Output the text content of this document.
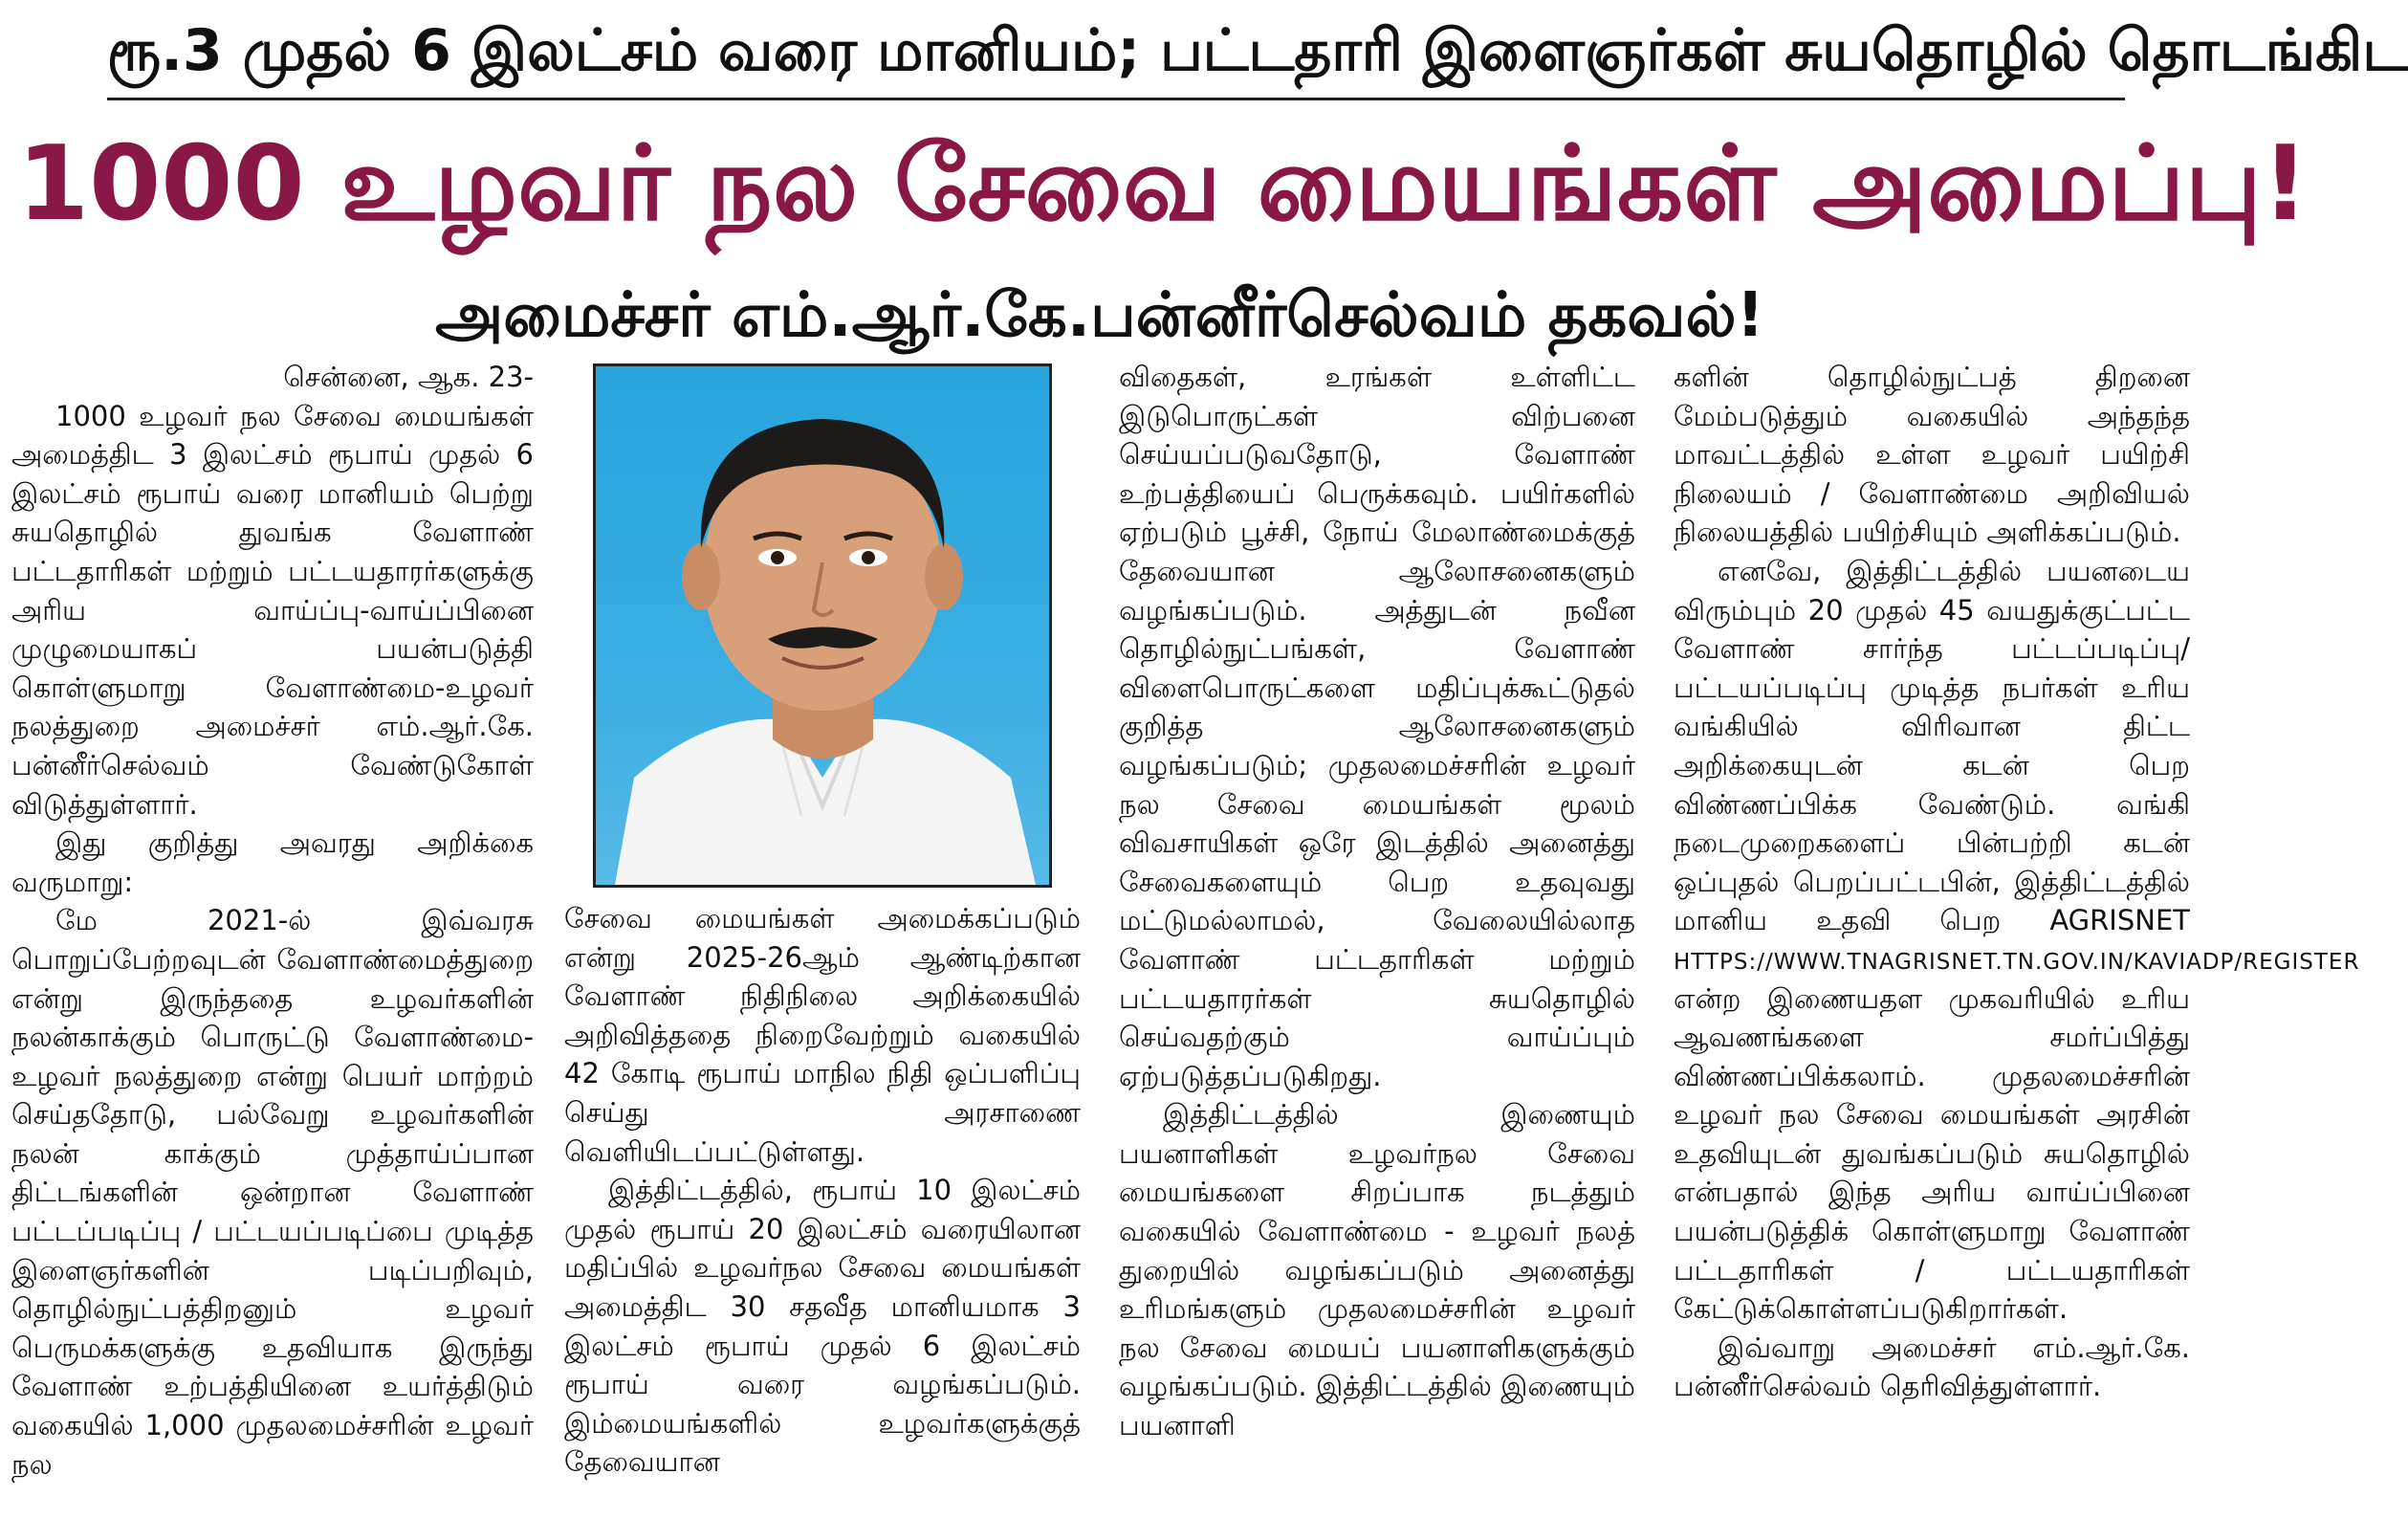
ரூ.3 முதல் 6 இலட்சம் வரை மானியம்; பட்டதாரி இளைஞர்கள் சுயதொழில் தொடங்கிட
1000 உழவர் நல சேவை மையங்கள் அமைப்பு!
அமைச்சர் எம்.ஆர்.கே.பன்னீர்செல்வம் தகவல்!

சென்னை, ஆக. 23-

1000 உழவர் நல சேவை மையங்கள் அமைத்திட 3 இலட்சம் ரூபாய் முதல் 6 இலட்சம் ரூபாய் வரை மானியம் பெற்று சுயதொழில் துவங்க வேளாண் பட்டதாரிகள் மற்றும் பட்டயதாரர்களுக்கு அரிய வாய்ப்பு-வாய்ப்பினை முழுமையாகப் பயன்படுத்தி கொள்ளுமாறு வேளாண்மை-உழவர் நலத்துறை அமைச்சர் எம்.ஆர்.கே. பன்னீர்செல்வம் வேண்டுகோள் விடுத்துள்ளார்.

இது குறித்து அவரது அறிக்கை வருமாறு:

மே 2021-ல் இவ்வரசு பொறுப்பேற்றவுடன் வேளாண்மைத்துறை என்று இருந்ததை உழவர்களின் நலன்காக்கும் பொருட்டு வேளாண்மை-உழவர் நலத்துறை என்று பெயர் மாற்றம் செய்ததோடு, பல்வேறு உழவர்களின் நலன் காக்கும் முத்தாய்ப்பான திட்டங்களின் ஒன்றான வேளாண் பட்டப்படிப்பு / பட்டயப்படிப்பை முடித்த இளைஞர்களின் படிப்பறிவும், தொழில்நுட்பத்திறனும் உழவர் பெருமக்களுக்கு உதவியாக இருந்து வேளாண் உற்பத்தியினை உயர்த்திடும் வகையில் 1,000 முதலமைச்சரின் உழவர் நல

சேவை மையங்கள் அமைக்கப்படும் என்று 2025-26ஆம் ஆண்டிற்கான வேளாண் நிதிநிலை அறிக்கையில் அறிவித்ததை நிறைவேற்றும் வகையில் 42 கோடி ரூபாய் மாநில நிதி ஒப்பளிப்பு செய்து அரசாணை வெளியிடப்பட்டுள்ளது.

இத்திட்டத்தில், ரூபாய் 10 இலட்சம் முதல் ரூபாய் 20 இலட்சம் வரையிலான மதிப்பில் உழவர்நல சேவை மையங்கள் அமைத்திட 30 சதவீத மானியமாக 3 இலட்சம் ரூபாய் முதல் 6 இலட்சம் ரூபாய் வரை வழங்கப்படும். இம்மையங்களில் உழவர்களுக்குத் தேவையான

விதைகள், உரங்கள் உள்ளிட்ட இடுபொருட்கள் விற்பனை செய்யப்படுவதோடு, வேளாண் உற்பத்தியைப் பெருக்கவும். பயிர்களில் ஏற்படும் பூச்சி, நோய் மேலாண்மைக்குத் தேவையான ஆலோசனைகளும் வழங்கப்படும். அத்துடன் நவீன தொழில்நுட்பங்கள், வேளாண் விளைபொருட்களை மதிப்புக்கூட்டுதல் குறித்த ஆலோசனைகளும் வழங்கப்படும்; முதலமைச்சரின் உழவர் நல சேவை மையங்கள் மூலம் விவசாயிகள் ஒரே இடத்தில் அனைத்து சேவைகளையும் பெற உதவுவது மட்டுமல்லாமல், வேலையில்லாத வேளாண் பட்டதாரிகள் மற்றும் பட்டயதாரர்கள் சுயதொழில் செய்வதற்கும் வாய்ப்பும் ஏற்படுத்தப்படுகிறது.

இத்திட்டத்தில் இணையும் பயனாளிகள் உழவர்நல சேவை மையங்களை சிறப்பாக நடத்தும் வகையில் வேளாண்மை - உழவர் நலத் துறையில் வழங்கப்படும் அனைத்து உரிமங்களும் முதலமைச்சரின் உழவர் நல சேவை மையப் பயனாளிகளுக்கும் வழங்கப்படும். இத்திட்டத்தில் இணையும் பயனாளி

களின் தொழில்நுட்பத் திறனை மேம்படுத்தும் வகையில் அந்தந்த மாவட்டத்தில் உள்ள உழவர் பயிற்சி நிலையம் / வேளாண்மை அறிவியல் நிலையத்தில் பயிற்சியும் அளிக்கப்படும்.

எனவே, இத்திட்டத்தில் பயனடைய விரும்பும் 20 முதல் 45 வயதுக்குட்பட்ட வேளாண் சார்ந்த பட்டப்படிப்பு/பட்டயப்படிப்பு முடித்த நபர்கள் உரிய வங்கியில் விரிவான திட்ட அறிக்கையுடன் கடன் பெற விண்ணப்பிக்க வேண்டும். வங்கி நடைமுறைகளைப் பின்பற்றி கடன் ஒப்புதல் பெறப்பட்டபின், இத்திட்டத்தில் மானிய உதவி பெற AGRISNET HTTPS://WWW.TNAGRISNET.TN.GOV.IN/KAVIADP/REGISTER என்ற இணையதள முகவரியில் உரிய ஆவணங்களை சமர்ப்பித்து விண்ணப்பிக்கலாம். முதலமைச்சரின் உழவர் நல சேவை மையங்கள் அரசின் உதவியுடன் துவங்கப்படும் சுயதொழில் என்பதால் இந்த அரிய வாய்ப்பினை பயன்படுத்திக் கொள்ளுமாறு வேளாண் பட்டதாரிகள் / பட்டயதாரிகள் கேட்டுக்கொள்ளப்படுகிறார்கள்.

இவ்வாறு அமைச்சர் எம்.ஆர்.கே. பன்னீர்செல்வம் தெரிவித்துள்ளார்.
